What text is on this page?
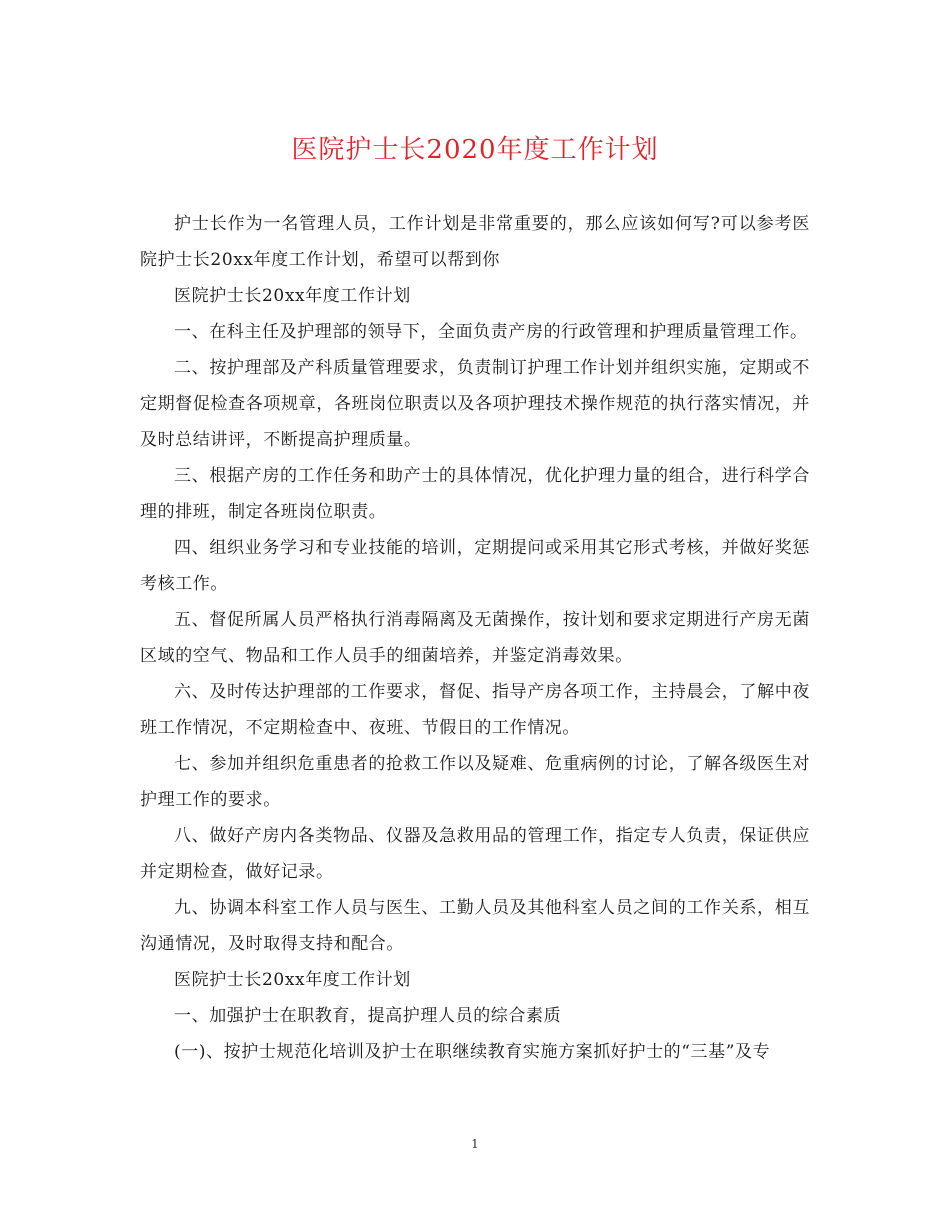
医院护士长2020年度工作计划

护士长作为一名管理人员，工作计划是非常重要的，那么应该如何写?可以参考医院护士长20xx年度工作计划，希望可以帮到你

医院护士长20xx年度工作计划

一、在科主任及护理部的领导下，全面负责产房的行政管理和护理质量管理工作。

二、按护理部及产科质量管理要求，负责制订护理工作计划并组织实施，定期或不定期督促检查各项规章，各班岗位职责以及各项护理技术操作规范的执行落实情况，并及时总结讲评，不断提高护理质量。

三、根据产房的工作任务和助产士的具体情况，优化护理力量的组合，进行科学合理的排班，制定各班岗位职责。

四、组织业务学习和专业技能的培训，定期提问或采用其它形式考核，并做好奖惩考核工作。

五、督促所属人员严格执行消毒隔离及无菌操作，按计划和要求定期进行产房无菌区域的空气、物品和工作人员手的细菌培养，并鉴定消毒效果。

六、及时传达护理部的工作要求，督促、指导产房各项工作，主持晨会，了解中夜班工作情况，不定期检查中、夜班、节假日的工作情况。

七、参加并组织危重患者的抢救工作以及疑难、危重病例的讨论，了解各级医生对护理工作的要求。

八、做好产房内各类物品、仪器及急救用品的管理工作，指定专人负责，保证供应并定期检查，做好记录。

九、协调本科室工作人员与医生、工勤人员及其他科室人员之间的工作关系，相互沟通情况，及时取得支持和配合。

医院护士长20xx年度工作计划

一、加强护士在职教育，提高护理人员的综合素质

(一)、按护士规范化培训及护士在职继续教育实施方案抓好护士的“三基”及专

1
